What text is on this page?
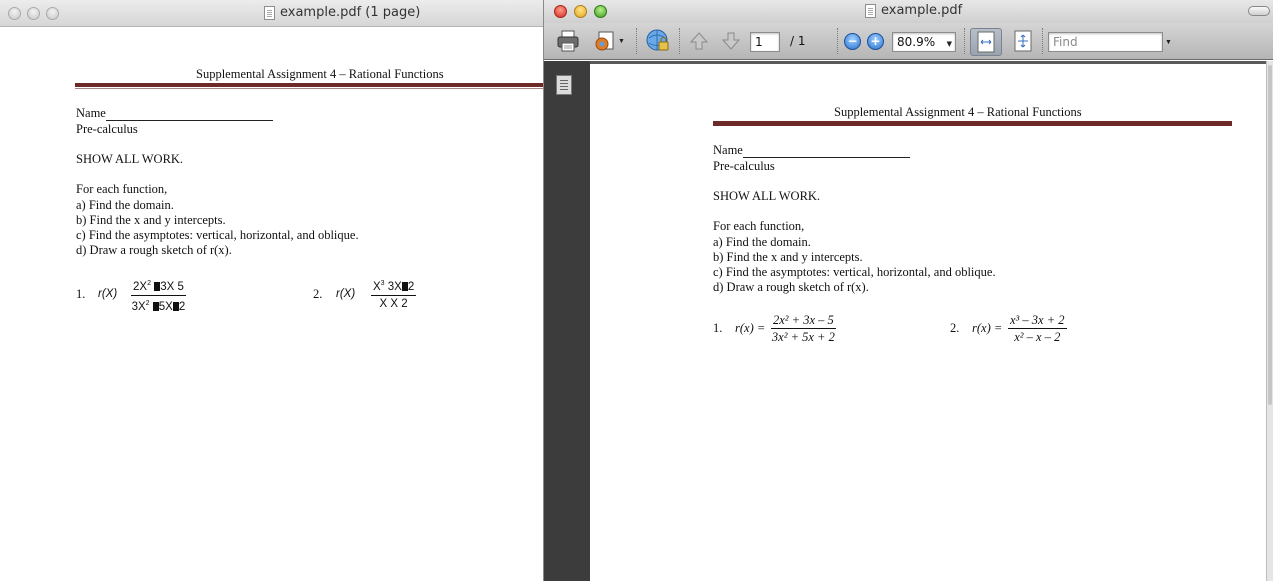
example.pdf (1 page)
Supplemental Assignment 4 – Rational Functions
Name
Pre-calculus
SHOW ALL WORK.
For each function,
a) Find the domain.
b) Find the x and y intercepts.
c) Find the asymptotes: vertical, horizontal, and oblique.
d) Draw a rough sketch of r(x).
1. $r(X) \frac{2X^2 3X 5}{3X^2 5X 2}$	2. $r(X) \frac{X^3 3X 2}{\text{X X 2}}$
example.pdf
▼
1	/ 1	− +	80.9% ▼	Find	▼
Supplemental Assignment 4 – Rational Functions
Name
Pre-calculus
SHOW ALL WORK.
For each function,
a) Find the domain.
b) Find the x and y intercepts.
c) Find the asymptotes: vertical, horizontal, and oblique.
d) Draw a rough sketch of r(x).
1. $r(x) = \frac{\text{2x² + 3x – 5}}{\text{3x² + 5x + 2}}$	2. $r(x) = \frac{\text{x³ – 3x + 2}}{\text{x² – x – 2}}$
